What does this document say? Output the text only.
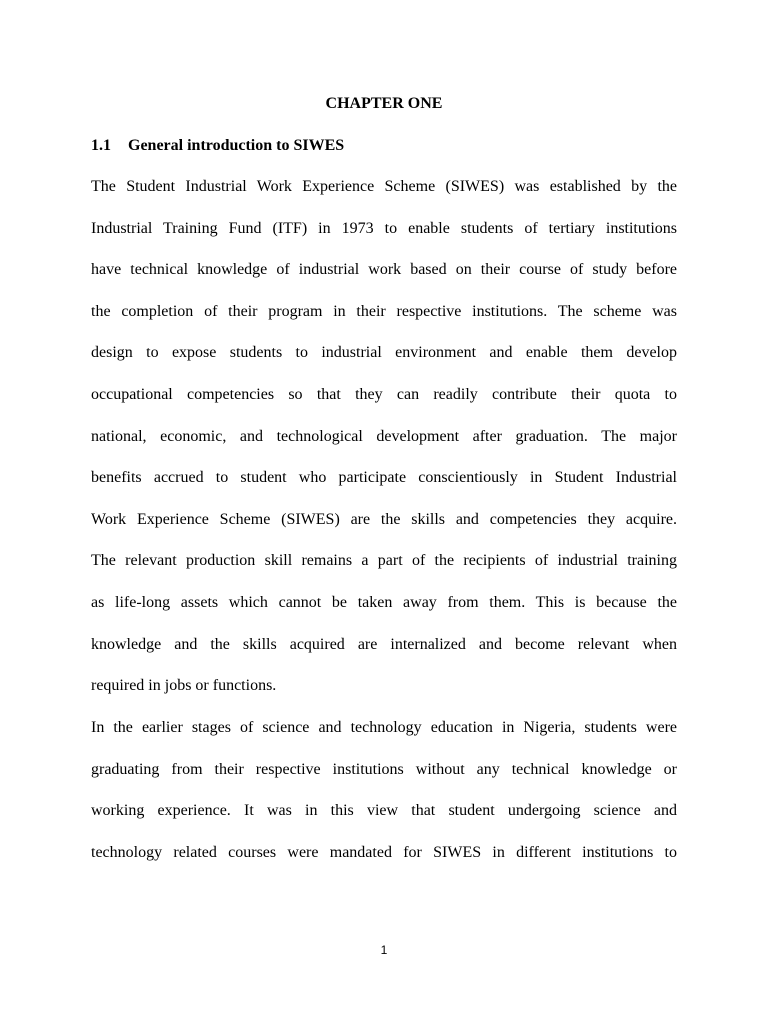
CHAPTER ONE
1.1 General introduction to SIWES
The Student Industrial Work Experience Scheme (SIWES) was established by the
Industrial Training Fund (ITF) in 1973 to enable students of tertiary institutions
have technical knowledge of industrial work based on their course of study before
the completion of their program in their respective institutions. The scheme was
design to expose students to industrial environment and enable them develop
occupational competencies so that they can readily contribute their quota to
national, economic, and technological development after graduation. The major
benefits accrued to student who participate conscientiously in Student Industrial
Work Experience Scheme (SIWES) are the skills and competencies they acquire.
The relevant production skill remains a part of the recipients of industrial training
as life-long assets which cannot be taken away from them. This is because the
knowledge and the skills acquired are internalized and become relevant when
required in jobs or functions.
In the earlier stages of science and technology education in Nigeria, students were
graduating from their respective institutions without any technical knowledge or
working experience. It was in this view that student undergoing science and
technology related courses were mandated for SIWES in different institutions to

1
